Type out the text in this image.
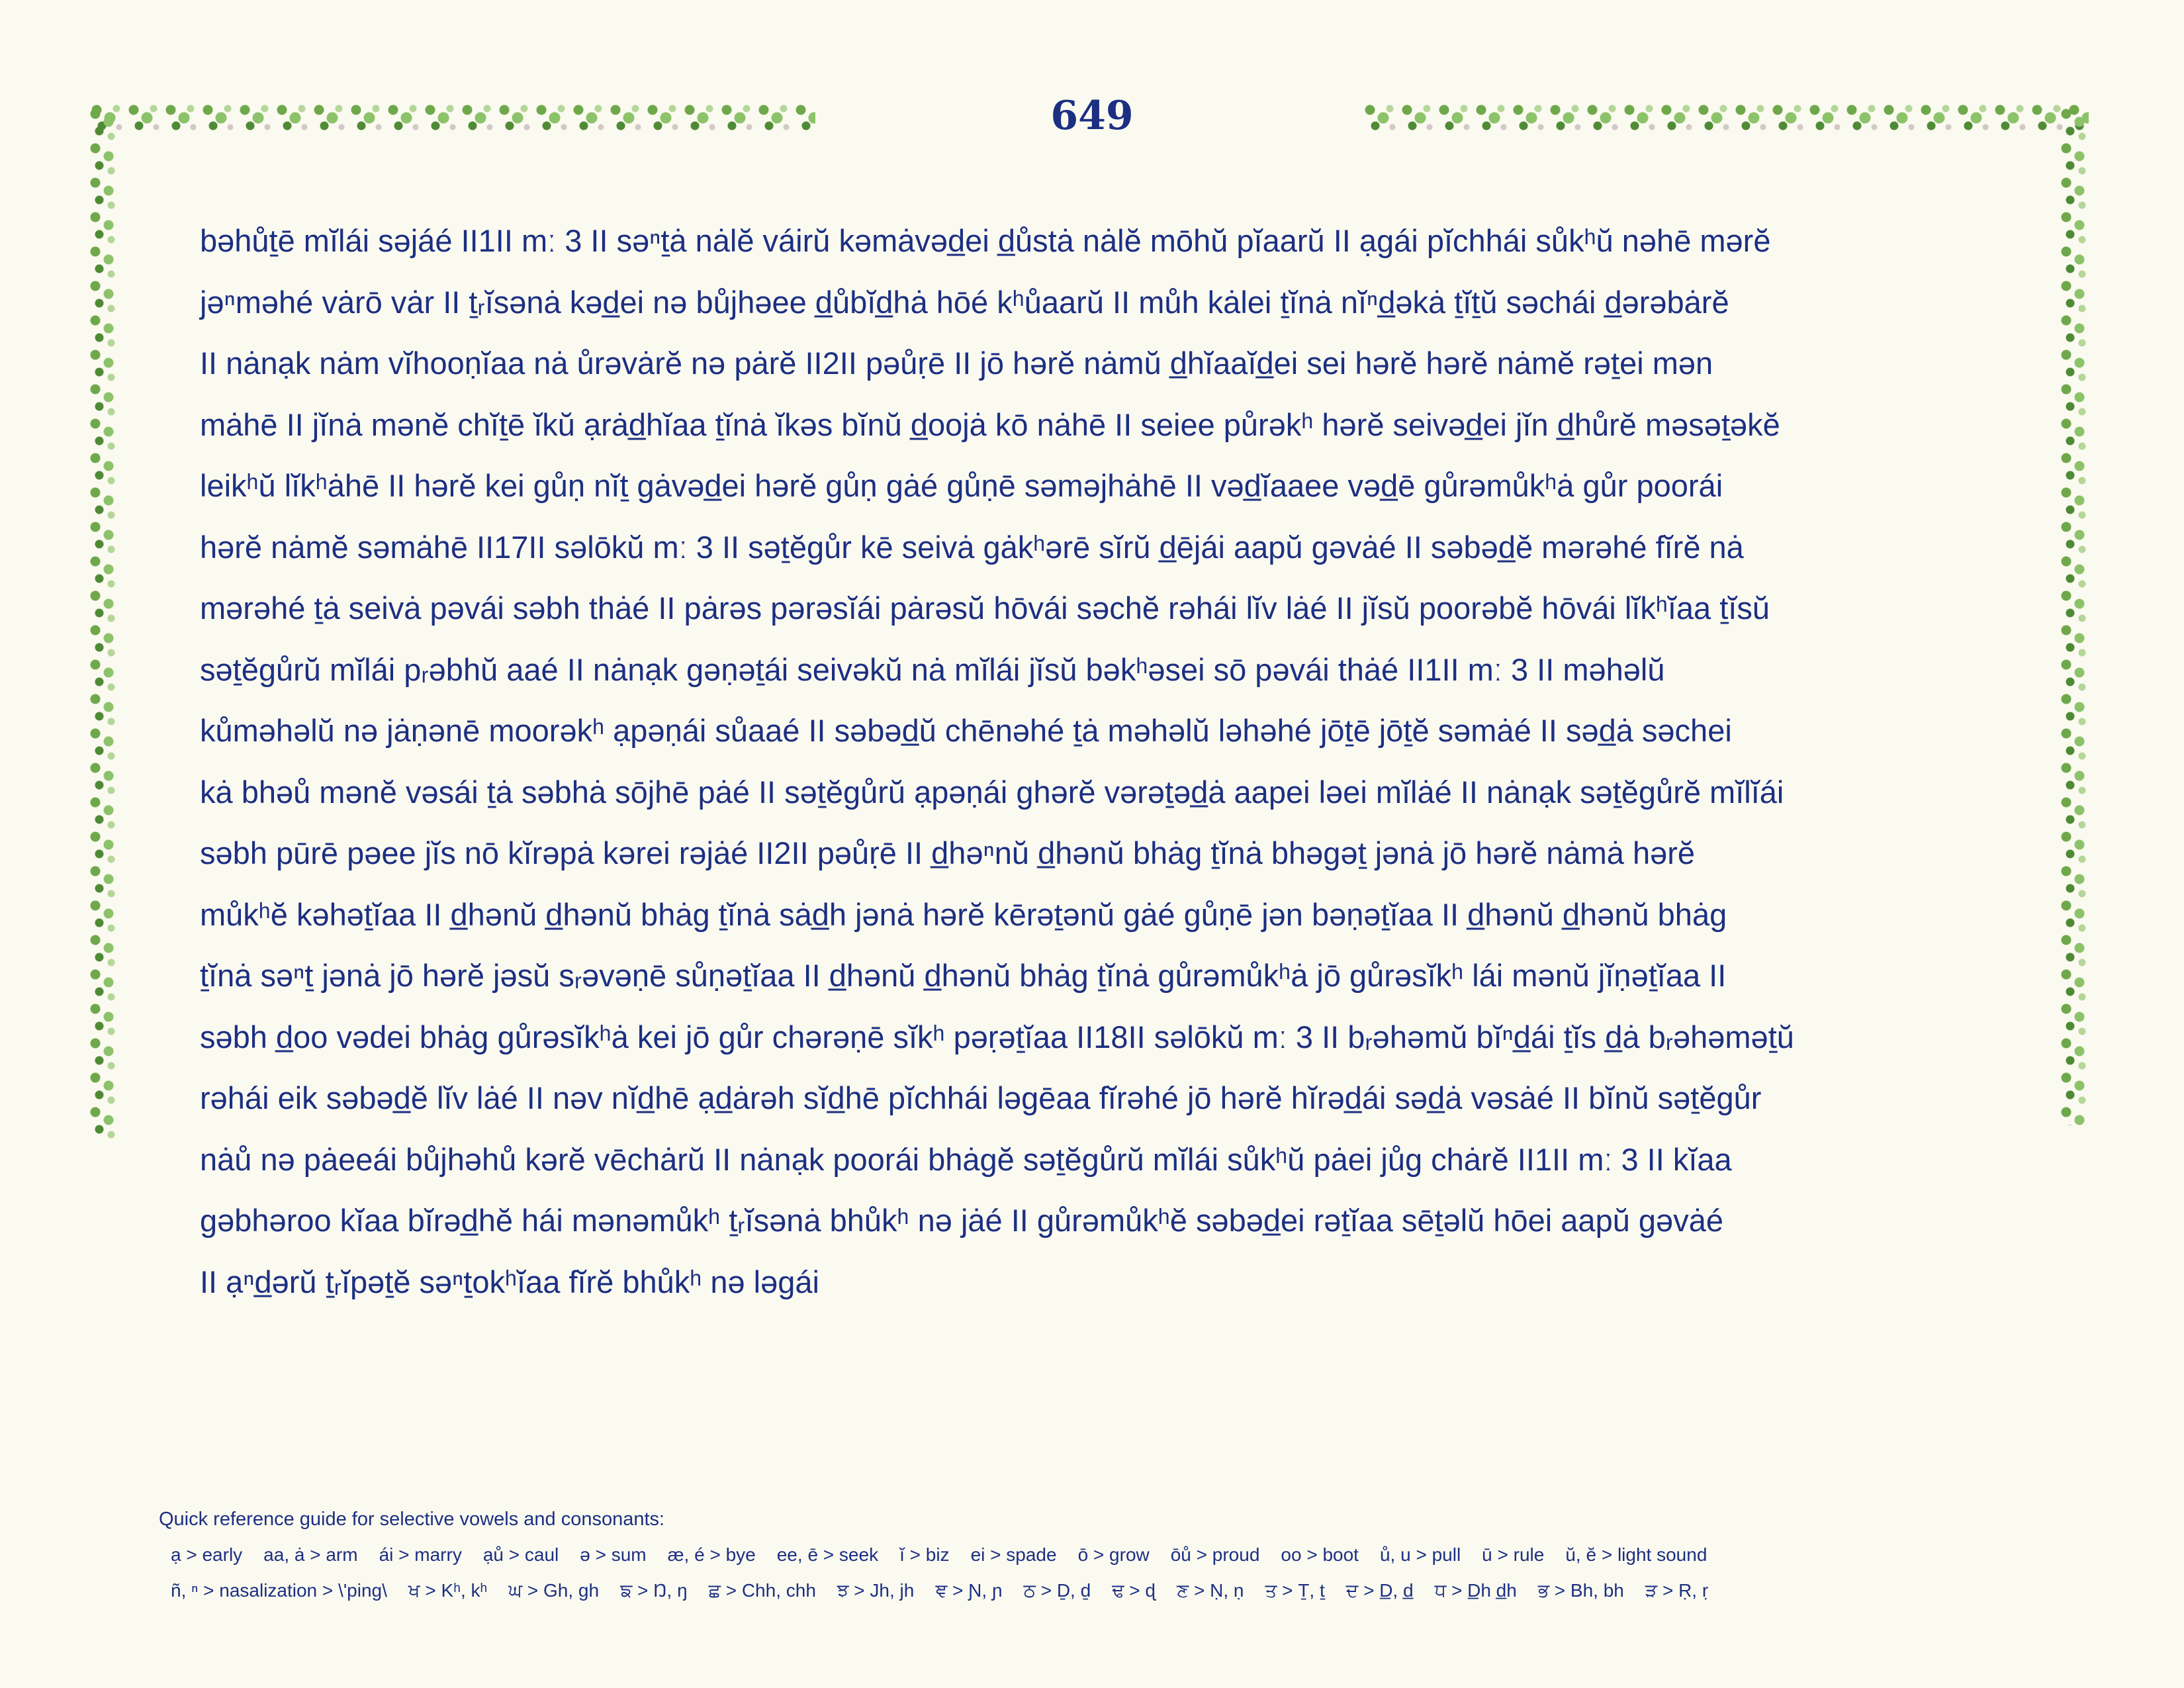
649
bəhůṯē mĭlái səjáé II1II mː 3 II səⁿṯȧ nȧlĕ váirŭ kəmȧvəd̲ei d̲ůstȧ nȧlĕ mōhŭ pĭaarŭ II ạgái pĭchhái sůkʰŭ nəhē mərĕ
jəⁿməhé vȧrō vȧr II ṯᵣĭsənȧ kəd̲ei nə bůjhəee d̲ůbĭd̲hȧ hōé kʰůaarŭ II můh kȧlei ṯĭnȧ nĭⁿd̲əkȧ ṯĭṯŭ səchái d̲ərəbȧrĕ
II nȧnạk nȧm vĭhooṇĭaa nȧ ůrəvȧrĕ nə pȧrĕ II2II pəůṛē II jō hərĕ nȧmŭ d̲hĭaaĭd̲ei sei hərĕ hərĕ nȧmĕ rəṯei mən
mȧhē II jĭnȧ mənĕ chĭṯē ĭkŭ ạrȧd̲hĭaa ṯĭnȧ ĭkəs bĭnŭ d̲oojȧ kō nȧhē II seiee půrəkʰ hərĕ seivəd̲ei jĭn d̲hůrĕ məsəṯəkĕ
leikʰŭ lĭkʰȧhē II hərĕ kei gůṇ nĭṯ gȧvəd̲ei hərĕ gůṇ gȧé gůṇē səməjhȧhē II vəd̲ĭaaee vəd̲ē gůrəmůkʰȧ gůr poorái
hərĕ nȧmĕ səmȧhē II17II səlōkŭ mː 3 II səṯĕgůr kē seivȧ gȧkʰərē sĭrŭ d̲ējái aapŭ gəvȧé II səbəd̲ĕ mərəhé fĭrĕ nȧ
mərəhé ṯȧ seivȧ pəvái səbh thȧé II pȧrəs pərəsĭái pȧrəsŭ hōvái səchĕ rəhái lĭv lȧé II jĭsŭ poorəbĕ hōvái lĭkʰĭaa ṯĭsŭ
səṯĕgůrŭ mĭlái pᵣəbhŭ aaé II nȧnạk gəṇəṯái seivəkŭ nȧ mĭlái jĭsŭ bəkʰəsei sō pəvái thȧé II1II mː 3 II məhəlŭ
kůməhəlŭ nə jȧṇənē moorəkʰ ạpəṇái sůaaé II səbəd̲ŭ chēnəhé ṯȧ məhəlŭ ləhəhé jōṯē jōṯĕ səmȧé II səd̲ȧ səchei
kȧ bhəů mənĕ vəsái ṯȧ səbhȧ sōjhē pȧé II səṯĕgůrŭ ạpəṇái ghərĕ vərəṯəd̲ȧ aapei ləei mĭlȧé II nȧnạk səṯĕgůrĕ mĭlĭái
səbh pūrē pəee jĭs nō kĭrəpȧ kərei rəjȧé II2II pəůṛē II d̲həⁿnŭ d̲hənŭ bhȧg ṯĭnȧ bhəgəṯ jənȧ jō hərĕ nȧmȧ hərĕ
můkʰĕ kəhəṯĭaa II d̲hənŭ d̲hənŭ bhȧg ṯĭnȧ sȧd̲h jənȧ hərĕ kērəṯənŭ gȧé gůṇē jən bəṇəṯĭaa II d̲hənŭ d̲hənŭ bhȧg
ṯĭnȧ səⁿṯ jənȧ jō hərĕ jəsŭ sᵣəvəṇē sůṇəṯĭaa II d̲hənŭ d̲hənŭ bhȧg ṯĭnȧ gůrəmůkʰȧ jō gůrəsĭkʰ lái mənŭ jĭṇəṯĭaa II
səbh d̲oo vədei bhȧg gůrəsĭkʰȧ kei jō gůr chərəṇē sĭkʰ pəṛəṯĭaa II18II səlōkŭ mː 3 II bᵣəhəmŭ bĭⁿd̲ái ṯĭs d̲ȧ bᵣəhəməṯŭ
rəhái eik səbəd̲ĕ lĭv lȧé II nəv nĭd̲hē ạd̲ȧrəh sĭd̲hē pĭchhái ləgēaa fĭrəhé jō hərĕ hĭrəd̲ái səd̲ȧ vəsȧé II bĭnŭ səṯĕgůr
nȧů nə pȧeeái bůjhəhů kərĕ vēchȧrŭ II nȧnạk poorái bhȧgĕ səṯĕgůrŭ mĭlái sůkʰŭ pȧei jůg chȧrĕ II1II mː 3 II kĭaa
gəbhəroo kĭaa bĭrəd̲hĕ hái mənəmůkʰ ṯᵣĭsənȧ bhůkʰ nə jȧé II gůrəmůkʰĕ səbəd̲ei rəṯĭaa sēṯəlŭ hōei aapŭ gəvȧé
II ạⁿd̲ərŭ ṯᵣĭpəṯĕ səⁿṯokʰĭaa fĭrĕ bhůkʰ nə ləgái
Quick reference guide for selective vowels and consonants:
ạ > early aa, ȧ > arm ái > marry ạů > caul ə > sum æ, é > bye ee, ē > seek ĭ > biz ei > spade ō > grow ōů > proud oo > boot ů, u > pull ū > rule ŭ, ĕ > light sound
ñ, ⁿ > nasalization > \'ping\ ਖ > Kʰ, kʰ ਘ > Gh, gh ਙ > Ŋ, ŋ ਛ > Chh, chh ਝ > Jh, jh ਞ > Ɲ, ɲ ਠ > Ḏ, ḏ ਢ > ɖ ਣ > Ṇ, ṇ ਤ > Ṯ, ṯ ਦ > D̲, d̲ ਧ > D̲h d̲h ਭ > Bh, bh ੜ > Ṛ, ṛ
